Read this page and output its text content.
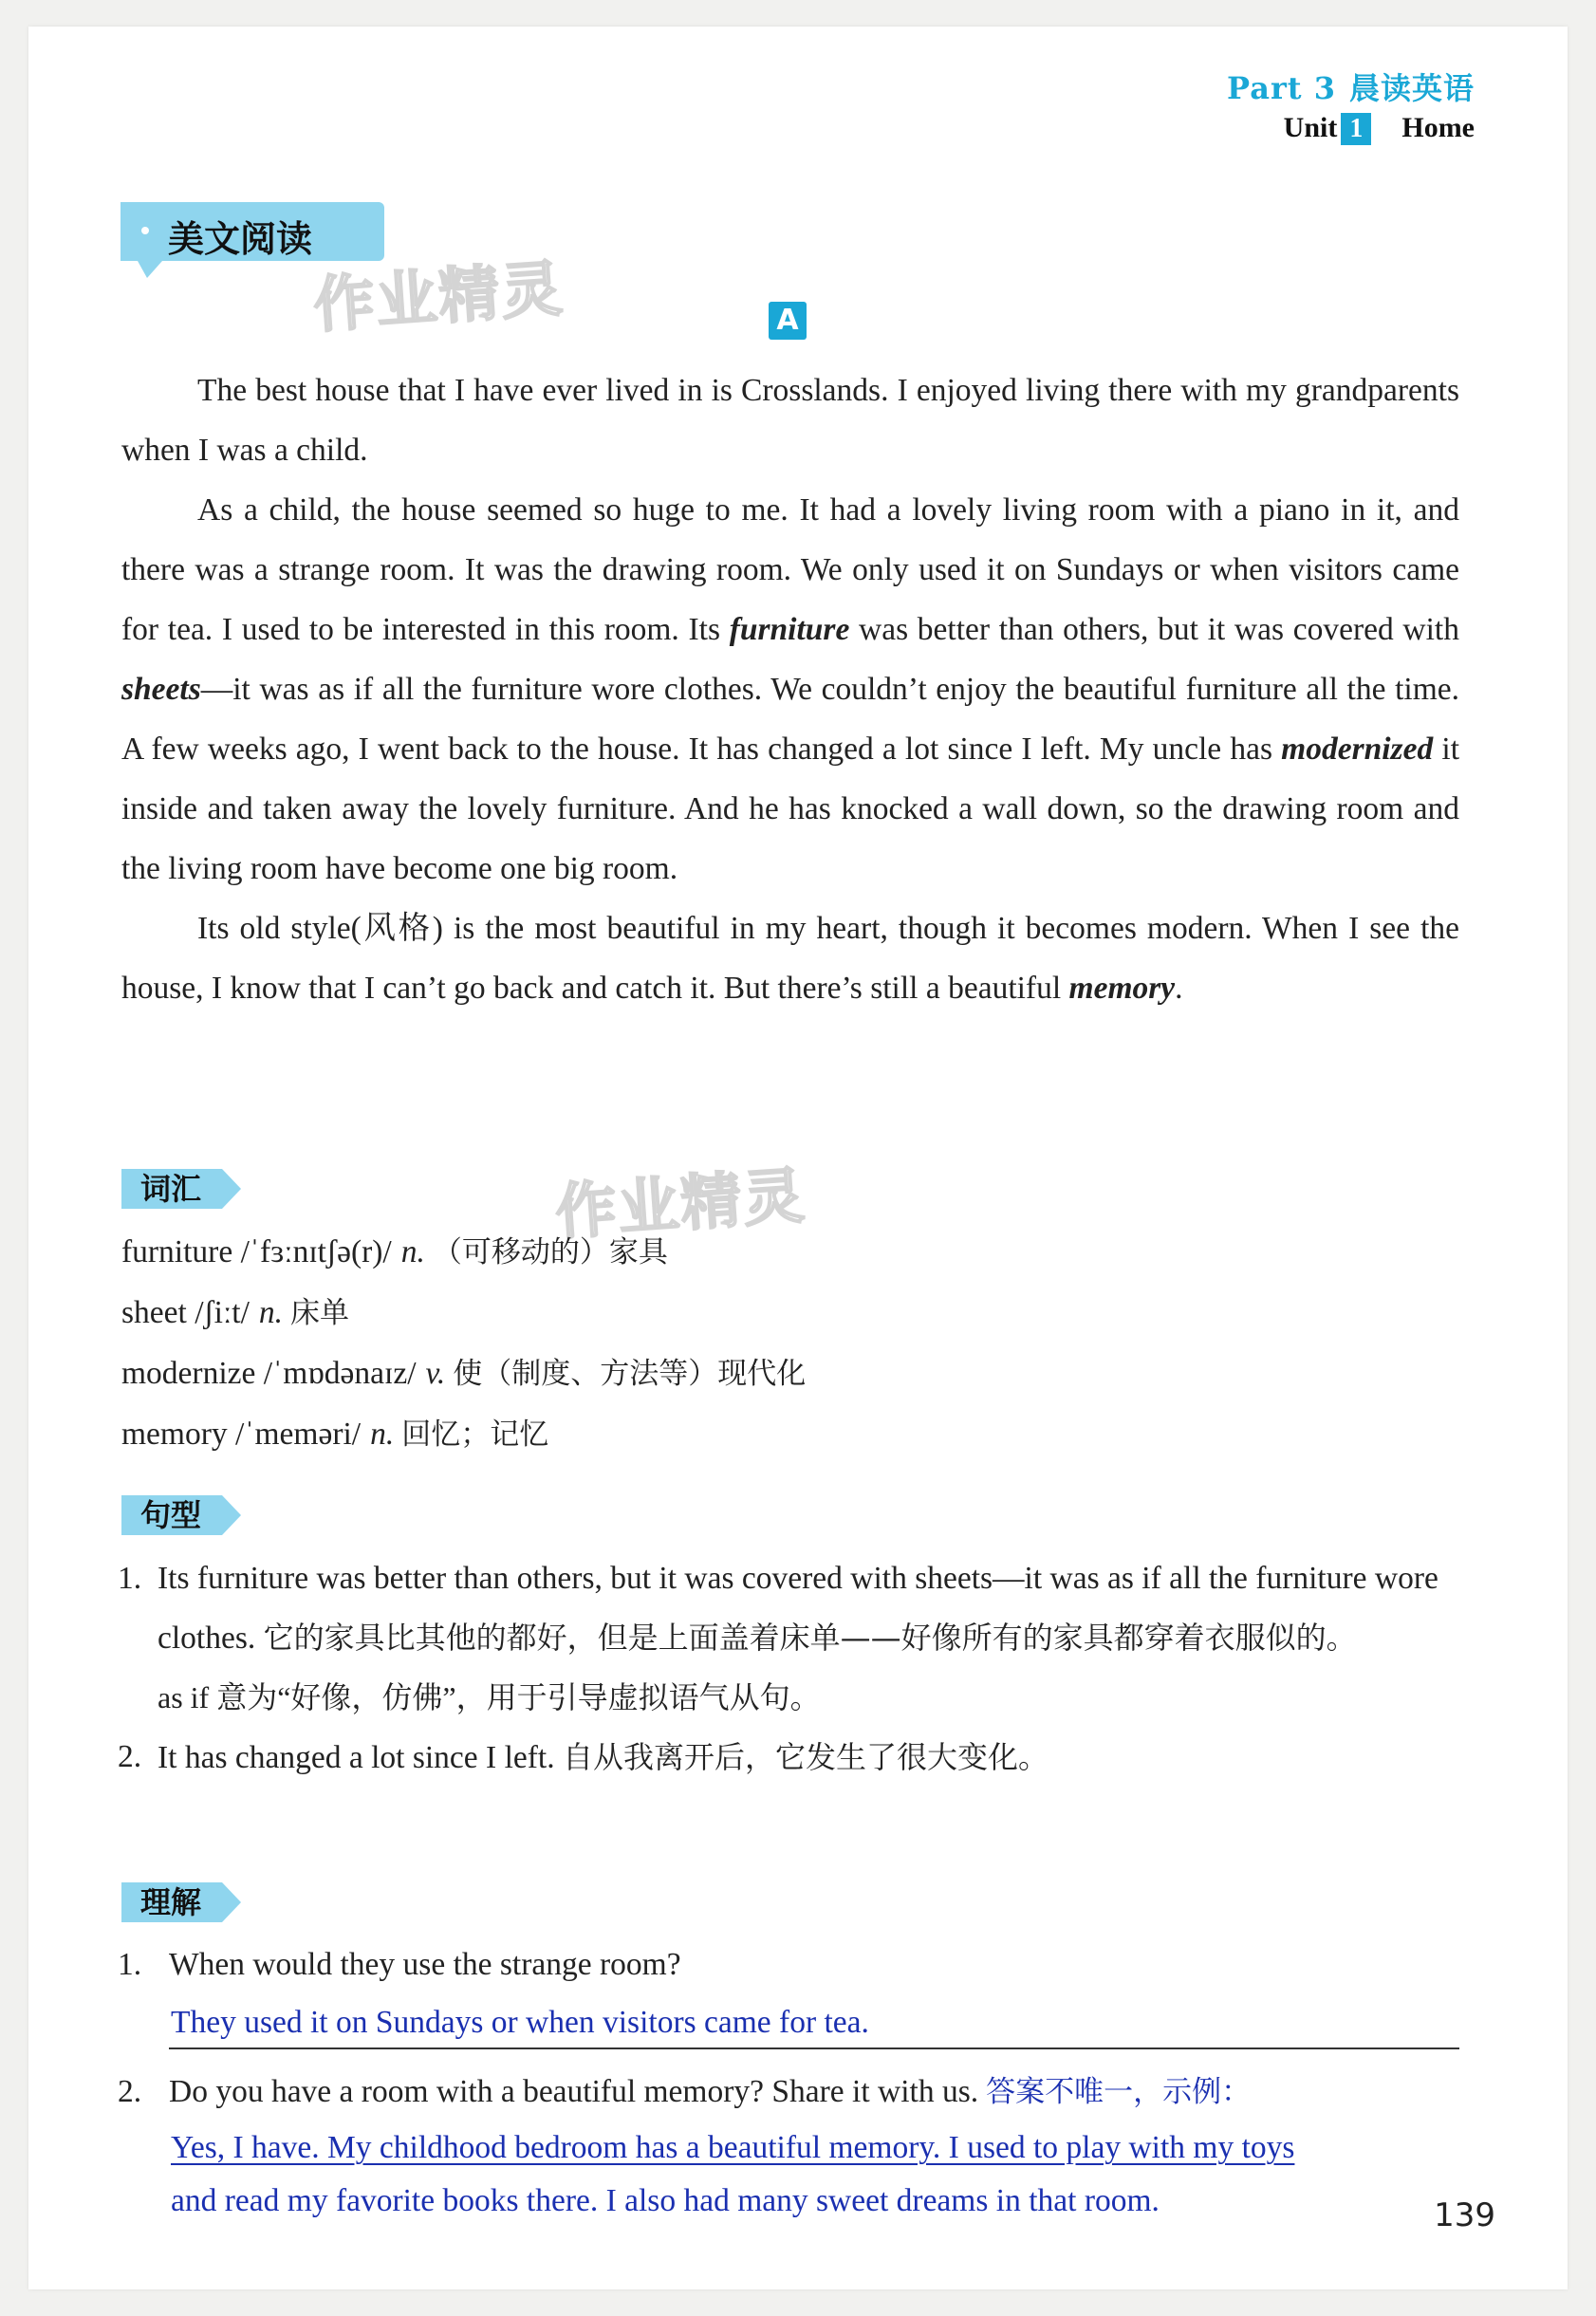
Part 3 晨读英语
Unit 1 Home
美文阅读
作业精灵	A

The best house that I have ever lived in is Crosslands. I enjoyed living there with my grandparents when I was a child.

As a child, the house seemed so huge to me. It had a lovely living room with a piano in it, and there was a strange room. It was the drawing room. We only used it on Sundays or when visitors came for tea. I used to be interested in this room. Its furniture was better than others, but it was covered with sheets—it was as if all the furniture wore clothes. We couldn’t enjoy the beautiful furniture all the time. A few weeks ago, I went back to the house. It has changed a lot since I left. My uncle has modernized it inside and taken away the lovely furniture. And he has knocked a wall down, so the drawing room and the living room have become one big room.

Its old style(风格) is the most beautiful in my heart, though it becomes modern. When I see the house, I know that I can’t go back and catch it. But there’s still a beautiful memory.

词汇	作业精灵
furniture /ˈfɜːnɪtʃə(r)/ n. （可移动的）家具
sheet /ʃiːt/ n. 床单
modernize /ˈmɒdənaɪz/ v. 使（制度、方法等）现代化
memory /ˈmeməri/ n. 回忆；记忆
句型
1. Its furniture was better than others, but it was covered with sheets—it was as if all the furniture wore clothes. 它的家具比其他的都好，但是上面盖着床单——好像所有的家具都穿着衣服似的。
as if 意为“好像，仿佛”，用于引导虚拟语气从句。
2. It has changed a lot since I left. 自从我离开后，它发生了很大变化。
理解
1. When would they use the strange room?
They used it on Sundays or when visitors came for tea.
2. Do you have a room with a beautiful memory? Share it with us. 答案不唯一，示例：
Yes, I have. My childhood bedroom has a beautiful memory. I used to play with my toys
and read my favorite books there. I also had many sweet dreams in that room.	139
